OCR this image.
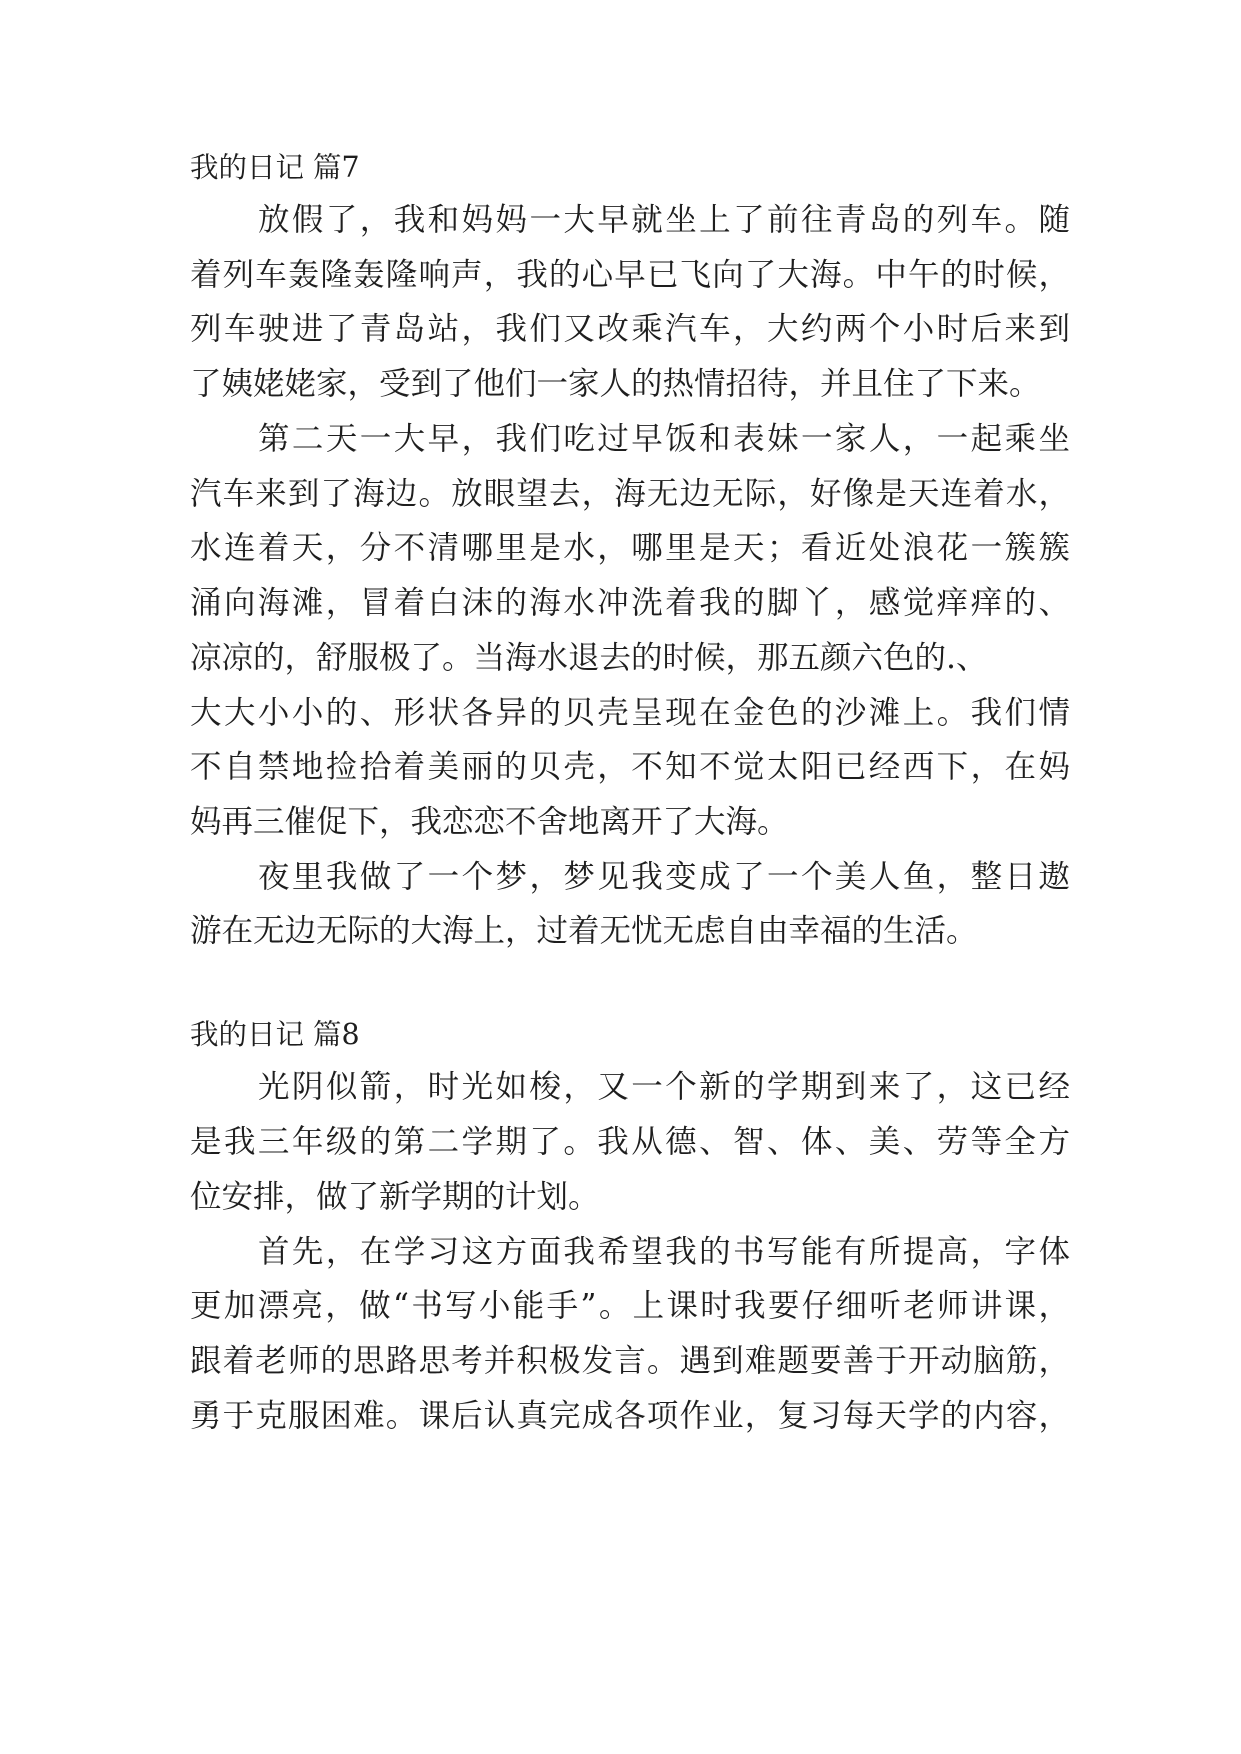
我的日记 篇7
放假了，我和妈妈一大早就坐上了前往青岛的列车。随
着列车轰隆轰隆响声，我的心早已飞向了大海。中午的时候，
列车驶进了青岛站，我们又改乘汽车，大约两个小时后来到
了姨姥姥家，受到了他们一家人的热情招待，并且住了下来。
第二天一大早，我们吃过早饭和表妹一家人，一起乘坐
汽车来到了海边。放眼望去，海无边无际，好像是天连着水，
水连着天，分不清哪里是水，哪里是天；看近处浪花一簇簇
涌向海滩，冒着白沫的海水冲洗着我的脚丫，感觉痒痒的、
凉凉的，舒服极了。当海水退去的时候，那五颜六色的.、
大大小小的、形状各异的贝壳呈现在金色的沙滩上。我们情
不自禁地捡拾着美丽的贝壳，不知不觉太阳已经西下，在妈
妈再三催促下，我恋恋不舍地离开了大海。
夜里我做了一个梦，梦见我变成了一个美人鱼，整日遨
游在无边无际的大海上，过着无忧无虑自由幸福的生活。
我的日记 篇8
光阴似箭，时光如梭，又一个新的学期到来了，这已经
是我三年级的第二学期了。我从德、智、体、美、劳等全方
位安排，做了新学期的计划。
首先，在学习这方面我希望我的书写能有所提高，字体
更加漂亮，做“书写小能手”。上课时我要仔细听老师讲课，
跟着老师的思路思考并积极发言。遇到难题要善于开动脑筋，
勇于克服困难。课后认真完成各项作业，复习每天学的内容，
